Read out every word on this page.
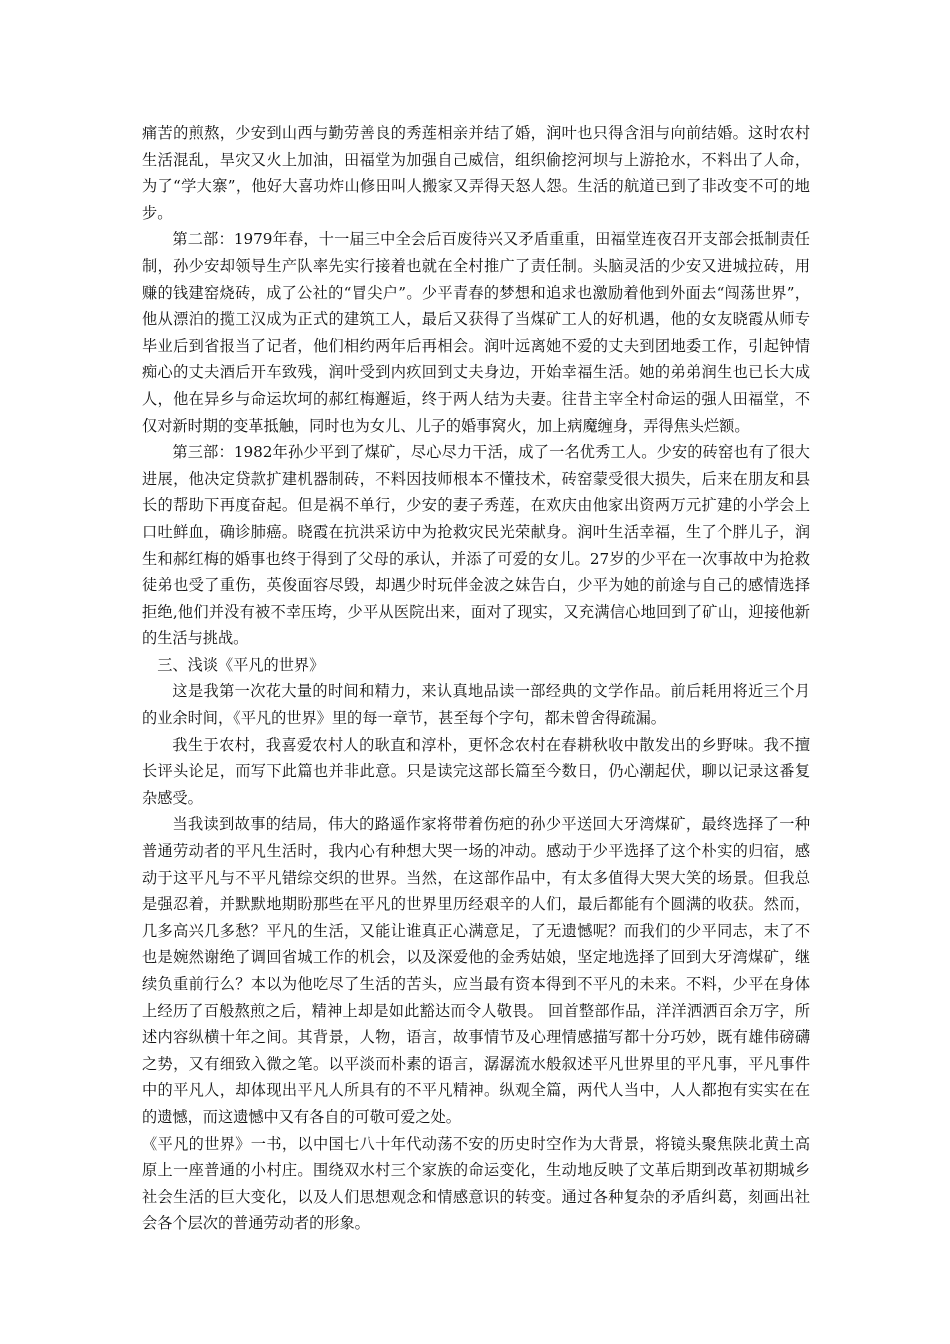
痛苦的煎熬，少安到山西与勤劳善良的秀莲相亲并结了婚，润叶也只得含泪与向前结婚。这时农村生活混乱，旱灾又火上加油，田福堂为加强自己威信，组织偷挖河坝与上游抢水，不料出了人命，为了“学大寨”，他好大喜功炸山修田叫人搬家又弄得天怒人怨。生活的航道已到了非改变不可的地步。

第二部：1979年春，十一届三中全会后百废待兴又矛盾重重，田福堂连夜召开支部会抵制责任制，孙少安却领导生产队率先实行接着也就在全村推广了责任制。头脑灵活的少安又进城拉砖，用赚的钱建窑烧砖，成了公社的“冒尖户”。少平青春的梦想和追求也激励着他到外面去“闯荡世界”，他从漂泊的揽工汉成为正式的建筑工人，最后又获得了当煤矿工人的好机遇，他的女友晓霞从师专毕业后到省报当了记者，他们相约两年后再相会。润叶远离她不爱的丈夫到团地委工作，引起钟情痴心的丈夫酒后开车致残，润叶受到内疚回到丈夫身边，开始幸福生活。她的弟弟润生也已长大成人，他在异乡与命运坎坷的郝红梅邂逅，终于两人结为夫妻。往昔主宰全村命运的强人田福堂，不仅对新时期的变革抵触，同时也为女儿、儿子的婚事窝火，加上病魔缠身，弄得焦头烂额。

第三部：1982年孙少平到了煤矿，尽心尽力干活，成了一名优秀工人。少安的砖窑也有了很大进展，他决定贷款扩建机器制砖，不料因技师根本不懂技术，砖窑蒙受很大损失，后来在朋友和县长的帮助下再度奋起。但是祸不单行，少安的妻子秀莲，在欢庆由他家出资两万元扩建的小学会上口吐鲜血，确诊肺癌。晓霞在抗洪采访中为抢救灾民光荣献身。润叶生活幸福，生了个胖儿子，润生和郝红梅的婚事也终于得到了父母的承认，并添了可爱的女儿。27岁的少平在一次事故中为抢救徒弟也受了重伤，英俊面容尽毁，却遇少时玩伴金波之妹告白，少平为她的前途与自己的感情选择拒绝,他们并没有被不幸压垮，少平从医院出来，面对了现实，又充满信心地回到了矿山，迎接他新的生活与挑战。

三、浅谈《平凡的世界》

这是我第一次花大量的时间和精力，来认真地品读一部经典的文学作品。前后耗用将近三个月的业余时间，《平凡的世界》里的每一章节，甚至每个字句，都未曾舍得疏漏。

我生于农村，我喜爱农村人的耿直和淳朴，更怀念农村在春耕秋收中散发出的乡野味。我不擅长评头论足，而写下此篇也并非此意。只是读完这部长篇至今数日，仍心潮起伏，聊以记录这番复杂感受。

当我读到故事的结局，伟大的路遥作家将带着伤疤的孙少平送回大牙湾煤矿，最终选择了一种普通劳动者的平凡生活时，我内心有种想大哭一场的冲动。感动于少平选择了这个朴实的归宿，感动于这平凡与不平凡错综交织的世界。当然，在这部作品中，有太多值得大哭大笑的场景。但我总是强忍着，并默默地期盼那些在平凡的世界里历经艰辛的人们，最后都能有个圆满的收获。然而，几多高兴几多愁？平凡的生活，又能让谁真正心满意足，了无遗憾呢？而我们的少平同志，末了不也是婉然谢绝了调回省城工作的机会，以及深爱他的金秀姑娘，坚定地选择了回到大牙湾煤矿，继续负重前行么？本以为他吃尽了生活的苦头，应当最有资本得到不平凡的未来。不料，少平在身体上经历了百般熬煎之后，精神上却是如此豁达而令人敬畏。 回首整部作品，洋洋洒洒百余万字，所述内容纵横十年之间。其背景，人物，语言，故事情节及心理情感描写都十分巧妙，既有雄伟磅礴之势，又有细致入微之笔。以平淡而朴素的语言，潺潺流水般叙述平凡世界里的平凡事，平凡事件中的平凡人，却体现出平凡人所具有的不平凡精神。纵观全篇，两代人当中，人人都抱有实实在在的遗憾，而这遗憾中又有各自的可敬可爱之处。

《平凡的世界》一书，以中国七八十年代动荡不安的历史时空作为大背景，将镜头聚焦陕北黄土高原上一座普通的小村庄。围绕双水村三个家族的命运变化，生动地反映了文革后期到改革初期城乡社会生活的巨大变化，以及人们思想观念和情感意识的转变。通过各种复杂的矛盾纠葛，刻画出社会各个层次的普通劳动者的形象。
